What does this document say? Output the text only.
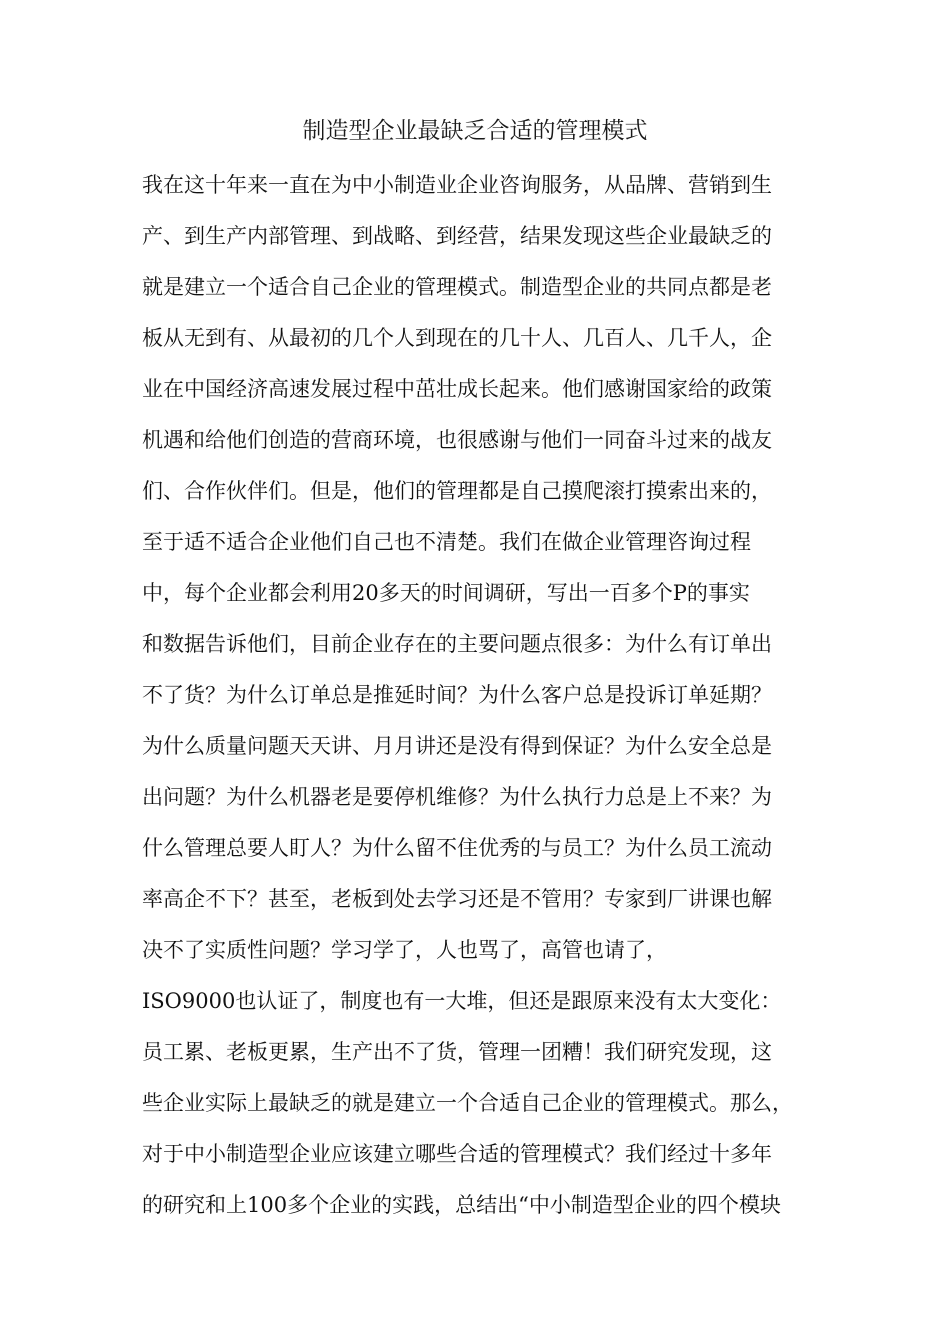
制造型企业最缺乏合适的管理模式
我在这十年来一直在为中小制造业企业咨询服务，从品牌、营销到生
产、到生产内部管理、到战略、到经营，结果发现这些企业最缺乏的
就是建立一个适合自己企业的管理模式。制造型企业的共同点都是老
板从无到有、从最初的几个人到现在的几十人、几百人、几千人，企
业在中国经济高速发展过程中茁壮成长起来。他们感谢国家给的政策
机遇和给他们创造的营商环境，也很感谢与他们一同奋斗过来的战友
们、合作伙伴们。但是，他们的管理都是自己摸爬滚打摸索出来的，
至于适不适合企业他们自己也不清楚。我们在做企业管理咨询过程
中，每个企业都会利用20多天的时间调研，写出一百多个P的事实
和数据告诉他们，目前企业存在的主要问题点很多：为什么有订单出
不了货？为什么订单总是推延时间？为什么客户总是投诉订单延期？
为什么质量问题天天讲、月月讲还是没有得到保证？为什么安全总是
出问题？为什么机器老是要停机维修？为什么执行力总是上不来？为
什么管理总要人盯人？为什么留不住优秀的与员工？为什么员工流动
率高企不下？甚至，老板到处去学习还是不管用？专家到厂讲课也解
决不了实质性问题？学习学了，人也骂了，高管也请了，
ISO9000也认证了，制度也有一大堆，但还是跟原来没有太大变化：
员工累、老板更累，生产出不了货，管理一团糟！我们研究发现，这
些企业实际上最缺乏的就是建立一个合适自己企业的管理模式。那么，
对于中小制造型企业应该建立哪些合适的管理模式？我们经过十多年
的研究和上100多个企业的实践，总结出“中小制造型企业的四个模块
